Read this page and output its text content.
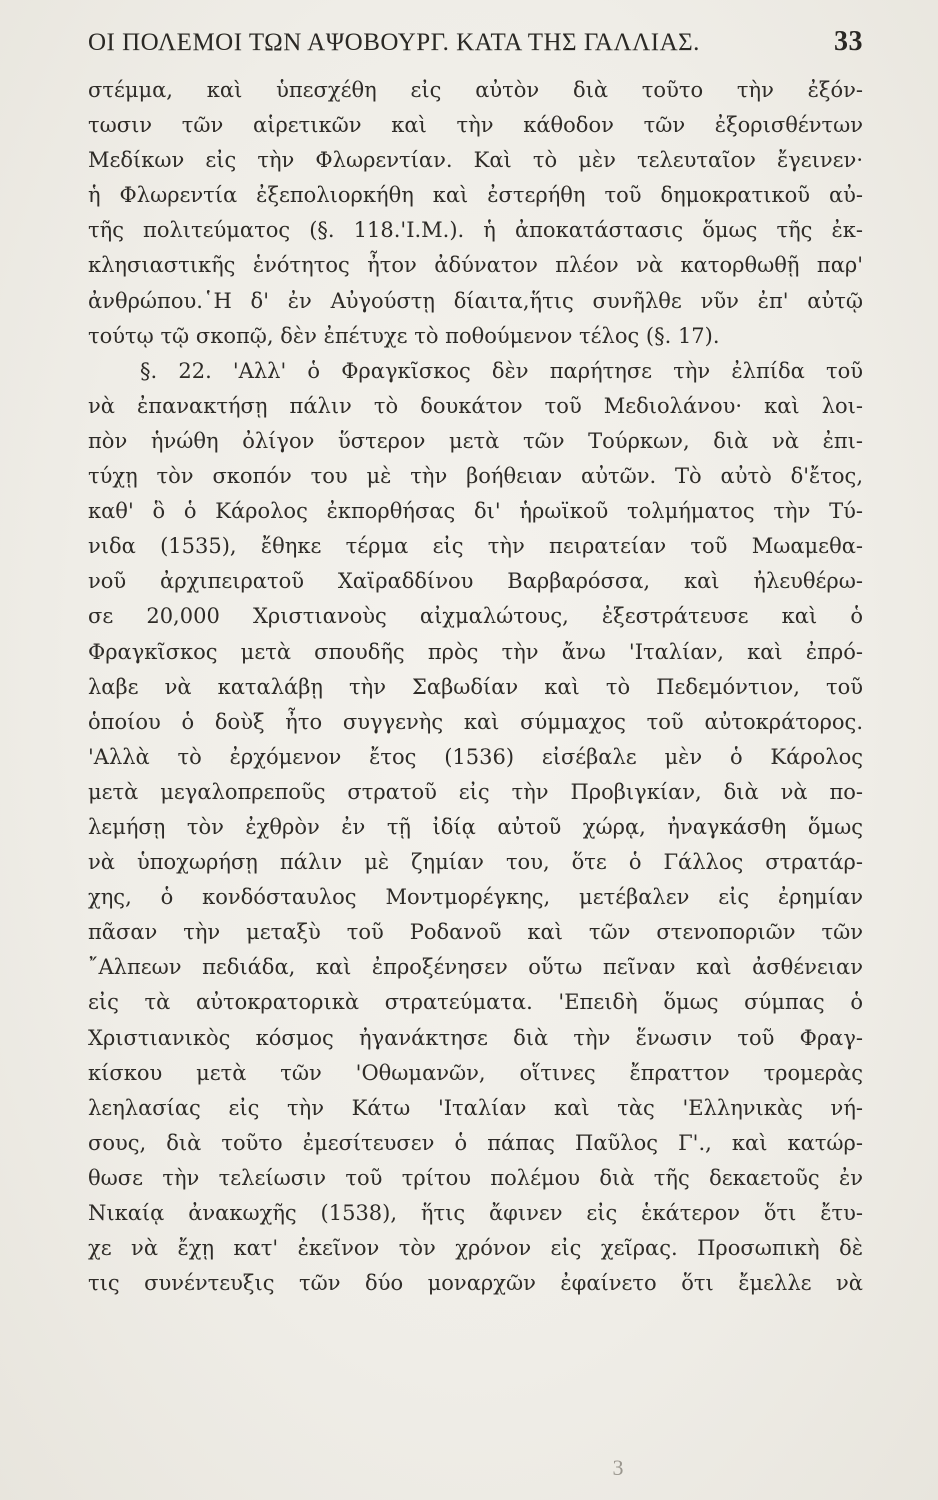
ΟΙ ΠΟΛΕΜΟΙ ΤΩΝ ΑΨΟΒΟΥΡΓ. ΚΑΤΑ ΤΗΣ ΓΑΛΛΙΑΣ.	33
στέμμα, καὶ ὑπεσχέθη εἰς αὐτὸν διὰ τοῦτο τὴν ἐξόν-
τωσιν τῶν αἱρετικῶν καὶ τὴν κάθοδον τῶν ἐξορισθέντων
Μεδίκων εἰς τὴν Φλωρεντίαν. Καὶ τὸ μὲν τελευταῖον ἔγεινεν·
ἡ Φλωρεντία ἐξεπολιορκήθη καὶ ἐστερήθη τοῦ δημοκρατικοῦ αὐ-
τῆς πολιτεύματος (§. 118.'Ι.Μ.). ἡ ἀποκατάστασις ὅμως τῆς ἐκ-
κλησιαστικῆς ἑνότητος ἦτον ἀδύνατον πλέον νὰ κατορθωθῇ παρ'
ἀνθρώπου.῾Η δ' ἐν Αὐγούστῃ δίαιτα,ἥτις συνῆλθε νῦν ἐπ' αὐτῷ
τούτῳ τῷ σκοπῷ, δὲν ἐπέτυχε τὸ ποθούμενον τέλος (§. 17).
§. 22. 'Αλλ' ὁ Φραγκῖσκος δὲν παρήτησε τὴν ἐλπίδα τοῦ
νὰ ἐπανακτήσῃ πάλιν τὸ δουκάτον τοῦ Μεδιολάνου· καὶ λοι-
πὸν ἡνώθη ὀλίγον ὕστερον μετὰ τῶν Τούρκων, διὰ νὰ ἐπι-
τύχῃ τὸν σκοπόν του μὲ τὴν βοήθειαν αὐτῶν. Τὸ αὐτὸ δ'ἔτος,
καθ' ὃ ὁ Κάρολος ἐκπορθήσας δι' ἡρωϊκοῦ τολμήματος τὴν Τύ-
νιδα (1535), ἔθηκε τέρμα εἰς τὴν πειρατείαν τοῦ Μωαμεθα-
νοῦ ἀρχιπειρατοῦ Χαϊραδδίνου Βαρβαρόσσα, καὶ ἠλευθέρω-
σε 20,000 Χριστιανοὺς αἰχμαλώτους, ἐξεστράτευσε καὶ ὁ
Φραγκῖσκος μετὰ σπουδῆς πρὸς τὴν ἄνω 'Ιταλίαν, καὶ ἐπρό-
λαβε νὰ καταλάβῃ τὴν Σαβωδίαν καὶ τὸ Πεδεμόντιον, τοῦ
ὁποίου ὁ δοὺξ ἦτο συγγενὴς καὶ σύμμαχος τοῦ αὐτοκράτορος.
'Αλλὰ τὸ ἐρχόμενον ἔτος (1536) εἰσέβαλε μὲν ὁ Κάρολος
μετὰ μεγαλοπρεποῦς στρατοῦ εἰς τὴν Προβιγκίαν, διὰ νὰ πο-
λεμήσῃ τὸν ἐχθρὸν ἐν τῇ ἰδίᾳ αὐτοῦ χώρᾳ, ἠναγκάσθη ὅμως
νὰ ὑποχωρήσῃ πάλιν μὲ ζημίαν του, ὅτε ὁ Γάλλος στρατάρ-
χης, ὁ κονδόσταυλος Μοντμορέγκης, μετέβαλεν εἰς ἐρημίαν
πᾶσαν τὴν μεταξὺ τοῦ Ροδανοῦ καὶ τῶν στενοποριῶν τῶν
῎Αλπεων πεδιάδα, καὶ ἐπροξένησεν οὕτω πεῖναν καὶ ἀσθένειαν
εἰς τὰ αὐτοκρατορικὰ στρατεύματα. 'Επειδὴ ὅμως σύμπας ὁ
Χριστιανικὸς κόσμος ἠγανάκτησε διὰ τὴν ἕνωσιν τοῦ Φραγ-
κίσκου μετὰ τῶν 'Οθωμανῶν, οἵτινες ἔπραττον τρομερὰς
λεηλασίας εἰς τὴν Κάτω 'Ιταλίαν καὶ τὰς 'Ελληνικὰς νή-
σους, διὰ τοῦτο ἐμεσίτευσεν ὁ πάπας Παῦλος Γ'., καὶ κατώρ-
θωσε τὴν τελείωσιν τοῦ τρίτου πολέμου διὰ τῆς δεκαετοῦς ἐν
Νικαίᾳ ἀνακωχῆς (1538), ἥτις ἄφινεν εἰς ἑκάτερον ὅτι ἔτυ-
χε νὰ ἔχῃ κατ' ἐκεῖνον τὸν χρόνον εἰς χεῖρας. Προσωπικὴ δὲ
τις συνέντευξις τῶν δύο μοναρχῶν ἐφαίνετο ὅτι ἔμελλε νὰ
3
